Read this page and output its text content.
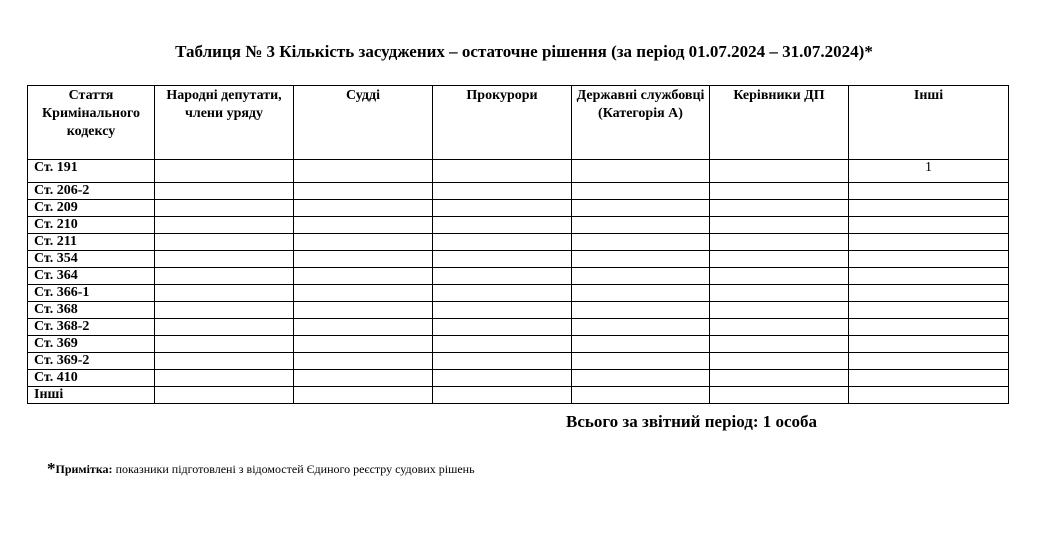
Таблиця № 3 Кількість засуджених – остаточне рішення (за період 01.07.2024 – 31.07.2024)*
Стаття Кримінального кодексу	Народні депутати, члени уряду	Судді	Прокурори	Державні службовці (Категорія А)	Керівники ДП	Інші
Ст. 191						1
Ст. 206-2						
Ст. 209						
Ст. 210						
Ст. 211						
Ст. 354						
Ст. 364						
Ст. 366-1						
Ст. 368						
Ст. 368-2						
Ст. 369						
Ст. 369-2						
Ст. 410						
Інші						
Всього за звітний період: 1 особа
*Примітка: показники підготовлені з відомостей Єдиного реєстру судових рішень
